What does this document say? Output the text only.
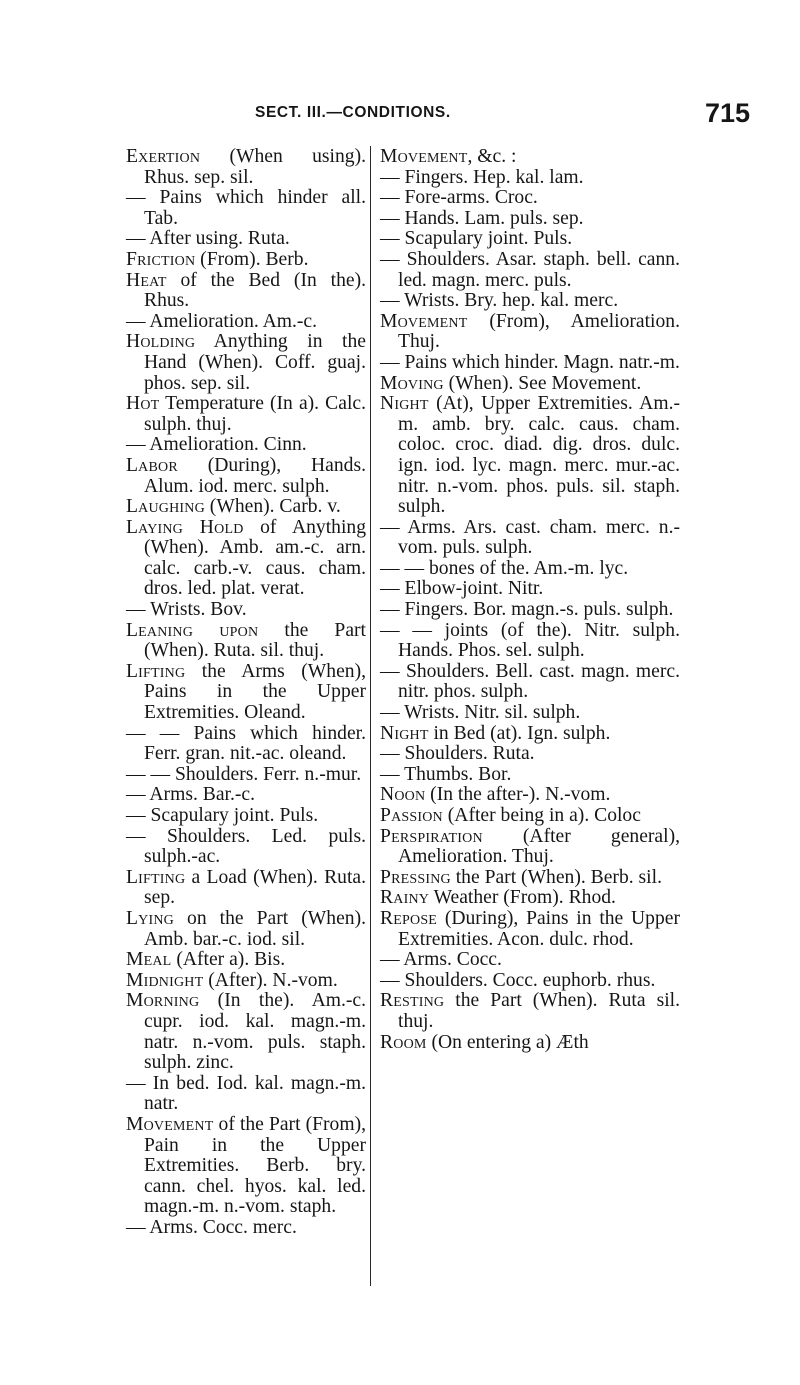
SECT. III.—CONDITIONS.	715

Exertion (When using). Rhus. sep. sil.

— Pains which hinder all. Tab.

— After using. Ruta.

Friction (From). Berb.

Heat of the Bed (In the). Rhus.

— Amelioration. Am.-c.

Holding Anything in the Hand (When). Coff. guaj. phos. sep. sil.

Hot Temperature (In a). Calc. sulph. thuj.

— Amelioration. Cinn.

Labor (During), Hands. Alum. iod. merc. sulph.

Laughing (When). Carb. v.

Laying Hold of Anything (When). Amb. am.-c. arn. calc. carb.-v. caus. cham. dros. led. plat. verat.

— Wrists. Bov.

Leaning upon the Part (When). Ruta. sil. thuj.

Lifting the Arms (When), Pains in the Upper Extremities. Oleand.

— — Pains which hinder. Ferr. gran. nit.-ac. oleand.

— — Shoulders. Ferr. n.-mur.

— Arms. Bar.-c.

— Scapulary joint. Puls.

— Shoulders. Led. puls. sulph.-ac.

Lifting a Load (When). Ruta. sep.

Lying on the Part (When). Amb. bar.-c. iod. sil.

Meal (After a). Bis.

Midnight (After). N.-vom.

Morning (In the). Am.-c. cupr. iod. kal. magn.-m. natr. n.-vom. puls. staph. sulph. zinc.

— In bed. Iod. kal. magn.-m. natr.

Movement of the Part (From), Pain in the Upper Extremities. Berb. bry. cann. chel. hyos. kal. led. magn.-m. n.-vom. staph.

— Arms. Cocc. merc.

Movement, &c. :

— Fingers. Hep. kal. lam.

— Fore-arms. Croc.

— Hands. Lam. puls. sep.

— Scapulary joint. Puls.

— Shoulders. Asar. staph. bell. cann. led. magn. merc. puls.

— Wrists. Bry. hep. kal. merc.

Movement (From), Amelioration. Thuj.

— Pains which hinder. Magn. natr.-m.

Moving (When). See Movement.

Night (At), Upper Extremities. Am.-m. amb. bry. calc. caus. cham. coloc. croc. diad. dig. dros. dulc. ign. iod. lyc. magn. merc. mur.-ac. nitr. n.-vom. phos. puls. sil. staph. sulph.

— Arms. Ars. cast. cham. merc. n.-vom. puls. sulph.

— — bones of the. Am.-m. lyc.

— Elbow-joint. Nitr.

— Fingers. Bor. magn.-s. puls. sulph.

— — joints (of the). Nitr. sulph. Hands. Phos. sel. sulph.

— Shoulders. Bell. cast. magn. merc. nitr. phos. sulph.

— Wrists. Nitr. sil. sulph.

Night in Bed (at). Ign. sulph.

— Shoulders. Ruta.

— Thumbs. Bor.

Noon (In the after-). N.-vom.

Passion (After being in a). Coloc

Perspiration (After general), Amelioration. Thuj.

Pressing the Part (When). Berb. sil.

Rainy Weather (From). Rhod.

Repose (During), Pains in the Upper Extremities. Acon. dulc. rhod.

— Arms. Cocc.

— Shoulders. Cocc. euphorb. rhus.

Resting the Part (When). Ruta sil. thuj.

Room (On entering a) Æth
